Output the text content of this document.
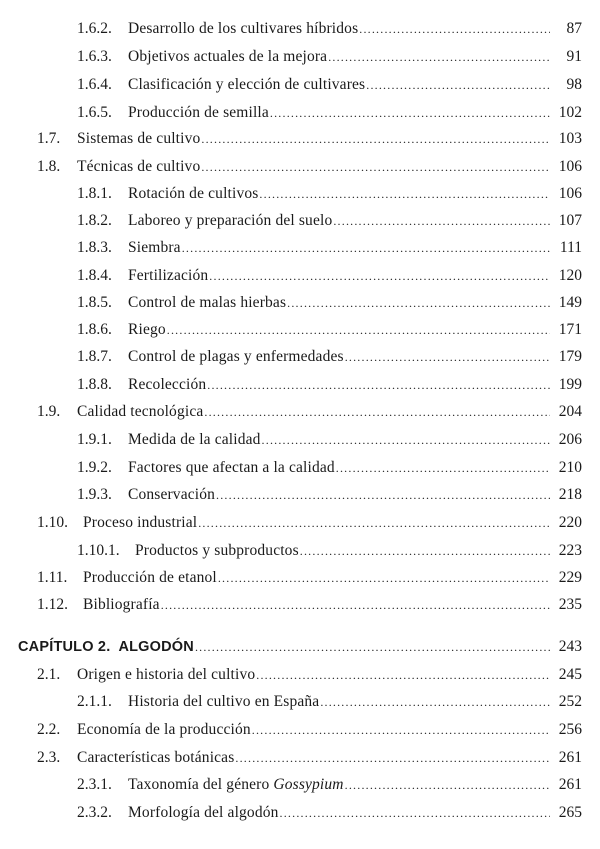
1.6.2.	Desarrollo de los cultivares híbridos .....	87
1.6.3.	Objetivos actuales de la mejora .....	91
1.6.4.	Clasificación y elección de cultivares .....	98
1.6.5.	Producción de semilla .....	102
1.7.	Sistemas de cultivo .....	103
1.8.	Técnicas de cultivo .....	106
1.8.1.	Rotación de cultivos .....	106
1.8.2.	Laboreo y preparación del suelo .....	107
1.8.3.	Siembra .....	111
1.8.4.	Fertilización .....	120
1.8.5.	Control de malas hierbas .....	149
1.8.6.	Riego .....	171
1.8.7.	Control de plagas y enfermedades .....	179
1.8.8.	Recolección .....	199
1.9.	Calidad tecnológica .....	204
1.9.1.	Medida de la calidad .....	206
1.9.2.	Factores que afectan a la calidad .....	210
1.9.3.	Conservación .....	218
1.10. Proceso industrial .....	220
1.10.1. Productos y subproductos .....	223
1.11.	Producción de etanol .....	229
1.12. Bibliografía .....	235
CAPÍTULO 2. ALGODÓN .....	243
2.1.	Origen e historia del cultivo .....	245
2.1.1.	Historia del cultivo en España .....	252
2.2.	Economía de la producción .....	256
2.3.	Características botánicas .....	261
2.3.1.	Taxonomía del género Gossypium .....	261
2.3.2.	Morfología del algodón .....	265
